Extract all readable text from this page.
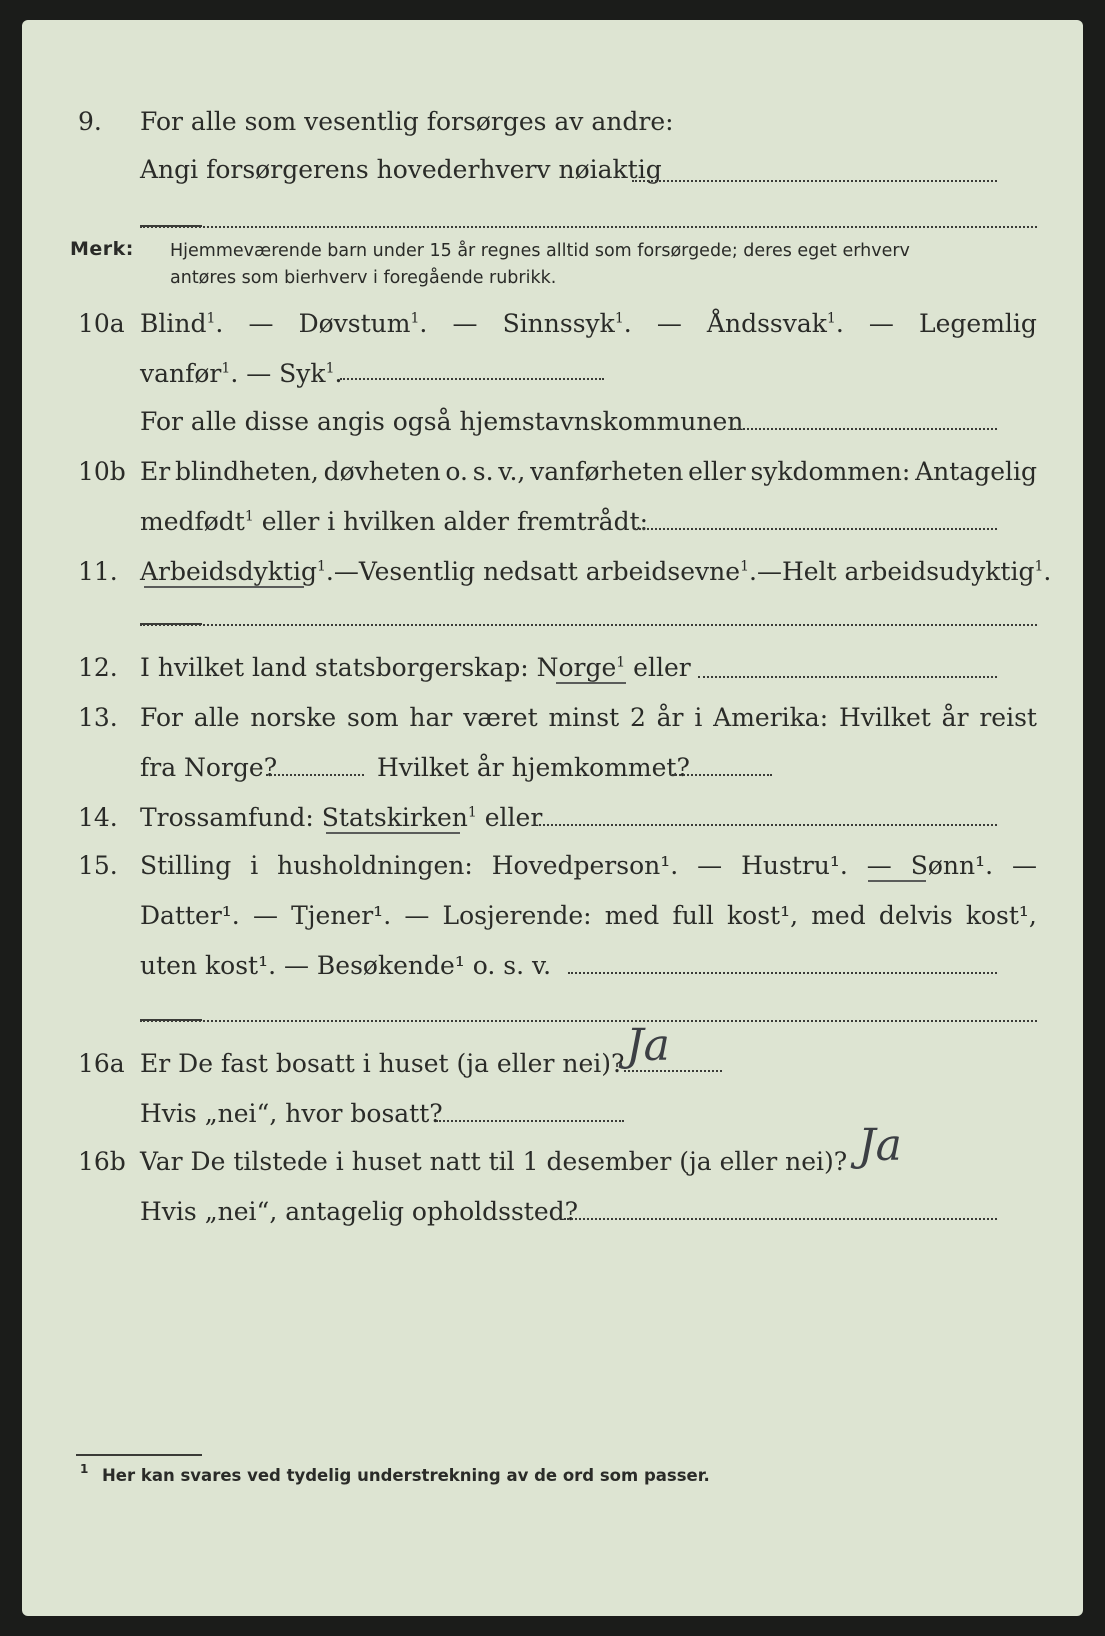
9. For alle som vesentlig forsørges av andre:
Angi forsørgerens hovederhverv nøiaktig
Merk: Hjemmeværende barn under 15 år regnes alltid som forsørgede; deres eget erhverv
antøres som bierhverv i foregående rubrikk.
10a Blind$^1$. — Døvstum$^1$. — Sinnssyk$^1$. — Åndssvak$^1$. — Legemlig
vanfør$^1$. — Syk$^1$.
For alle disse angis også hjemstavnskommunen
10b Er blindheten, døvheten o. s. v., vanførheten eller sykdommen: Antagelig
medfødt$^1$ eller i hvilken alder fremtrådt:
11. Arbeidsdyktig$^1$. — Vesentlig nedsatt arbeidsevne$^1$. — Helt arbeidsudyktig$^1$.
12. I hvilket land statsborgerskap: Norge$^1$ eller
13. For alle norske som har været minst 2 år i Amerika: Hvilket år reist
fra Norge?	Hvilket år hjemkommet?
14. Trossamfund: Statskirken$^1$ eller
15. Stilling i husholdningen: Hovedperson¹. — Hustru¹. — Sønn¹. —
Datter¹. — Tjener¹. — Losjerende: med full kost¹, med delvis kost¹,
uten kost¹. — Besøkende¹ o. s. v.
16a Er De fast bosatt i huset (ja eller nei)? Ja
Hvis „nei“, hvor bosatt?
16b Var De tilstede i huset natt til 1 desember (ja eller nei)? Ja
Hvis „nei“, antagelig opholdssted?
1 Her kan svares ved tydelig understrekning av de ord som passer.
